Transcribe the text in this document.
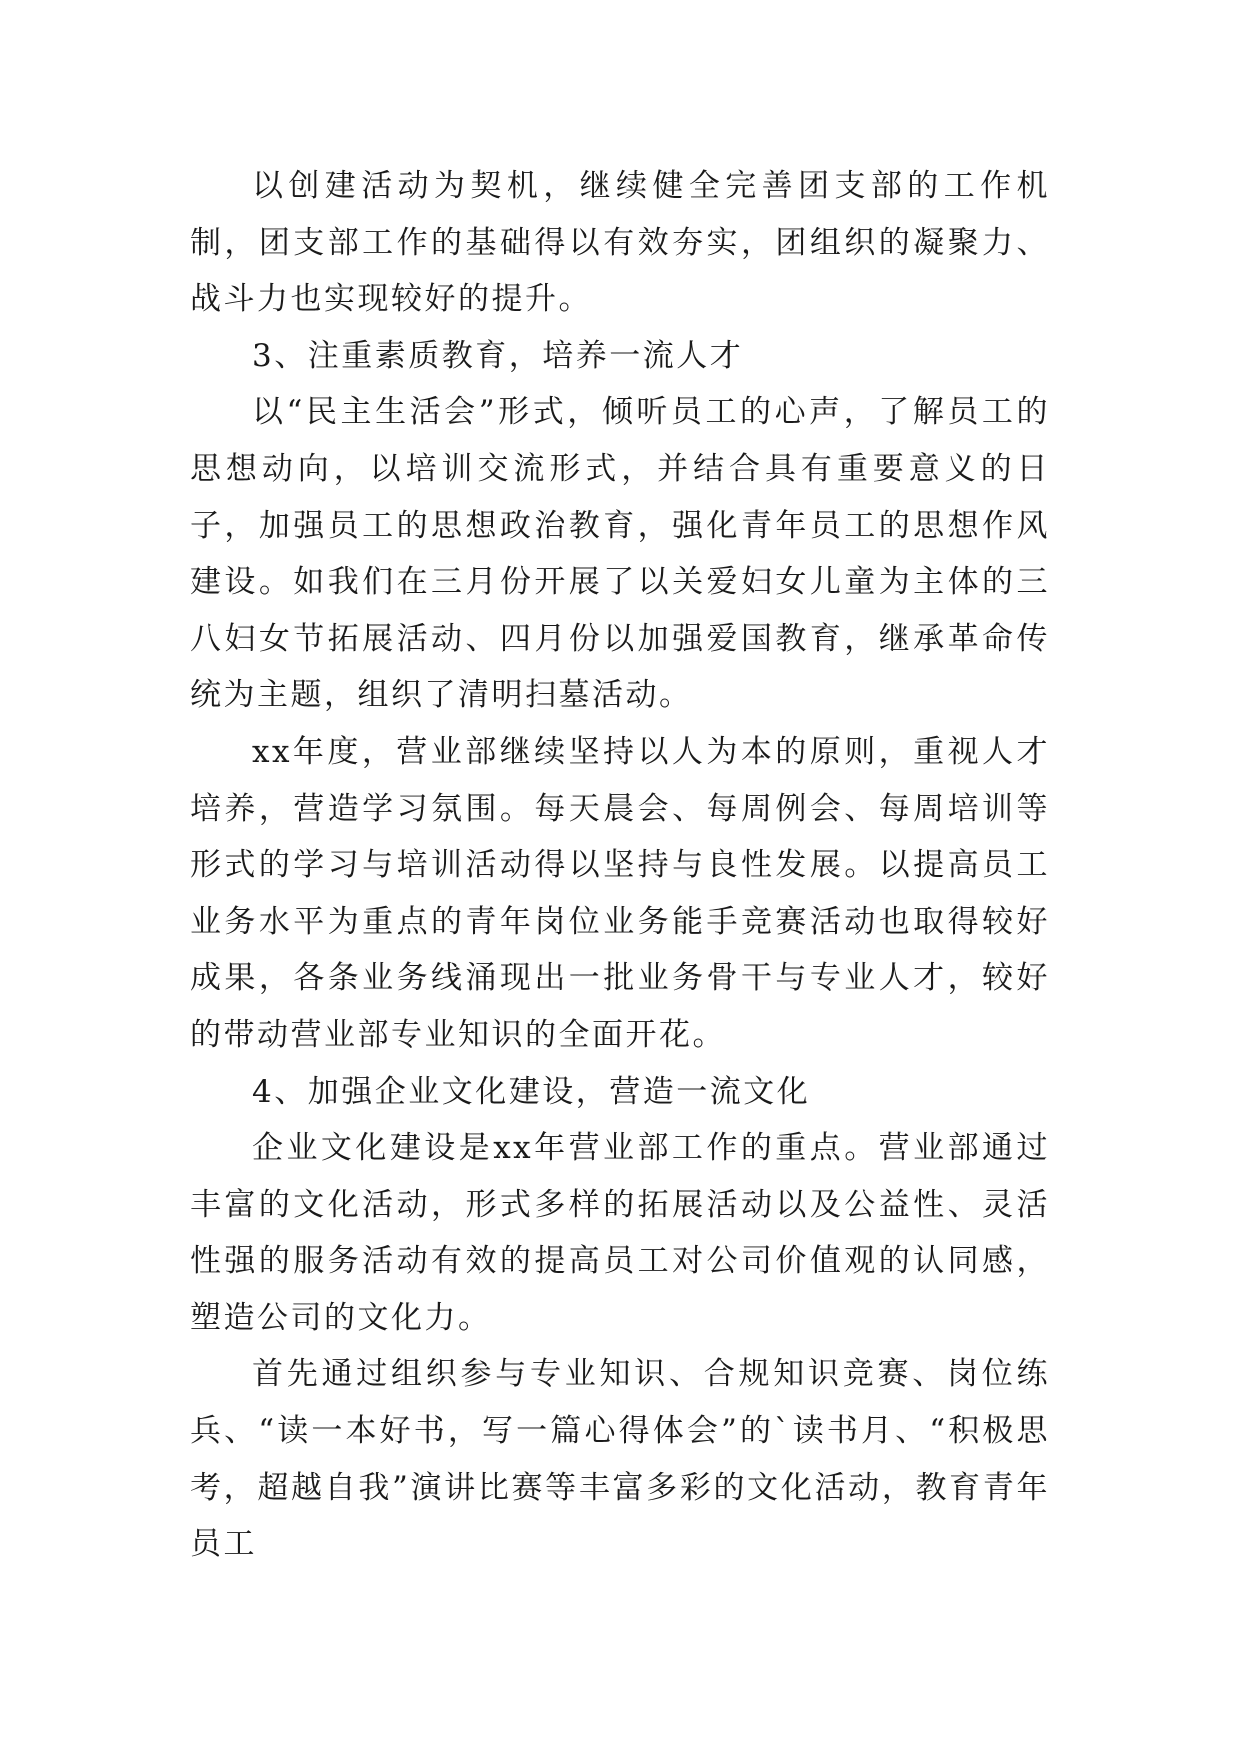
以创建活动为契机，继续健全完善团支部的工作机制，团支部工作的基础得以有效夯实，团组织的凝聚力、战斗力也实现较好的提升。

3、注重素质教育，培养一流人才

以“民主生活会”形式，倾听员工的心声，了解员工的思想动向，以培训交流形式，并结合具有重要意义的日子，加强员工的思想政治教育，强化青年员工的思想作风建设。如我们在三月份开展了以关爱妇女儿童为主体的三八妇女节拓展活动、四月份以加强爱国教育，继承革命传统为主题，组织了清明扫墓活动。

xx年度，营业部继续坚持以人为本的原则，重视人才培养，营造学习氛围。每天晨会、每周例会、每周培训等形式的学习与培训活动得以坚持与良性发展。以提高员工业务水平为重点的青年岗位业务能手竞赛活动也取得较好成果，各条业务线涌现出一批业务骨干与专业人才，较好的带动营业部专业知识的全面开花。

4、加强企业文化建设，营造一流文化

企业文化建设是xx年营业部工作的重点。营业部通过丰富的文化活动，形式多样的拓展活动以及公益性、灵活性强的服务活动有效的提高员工对公司价值观的认同感，塑造公司的文化力。

首先通过组织参与专业知识、合规知识竞赛、岗位练兵、“读一本好书，写一篇心得体会”的`读书月、“积极思考，超越自我”演讲比赛等丰富多彩的文化活动，教育青年员工
